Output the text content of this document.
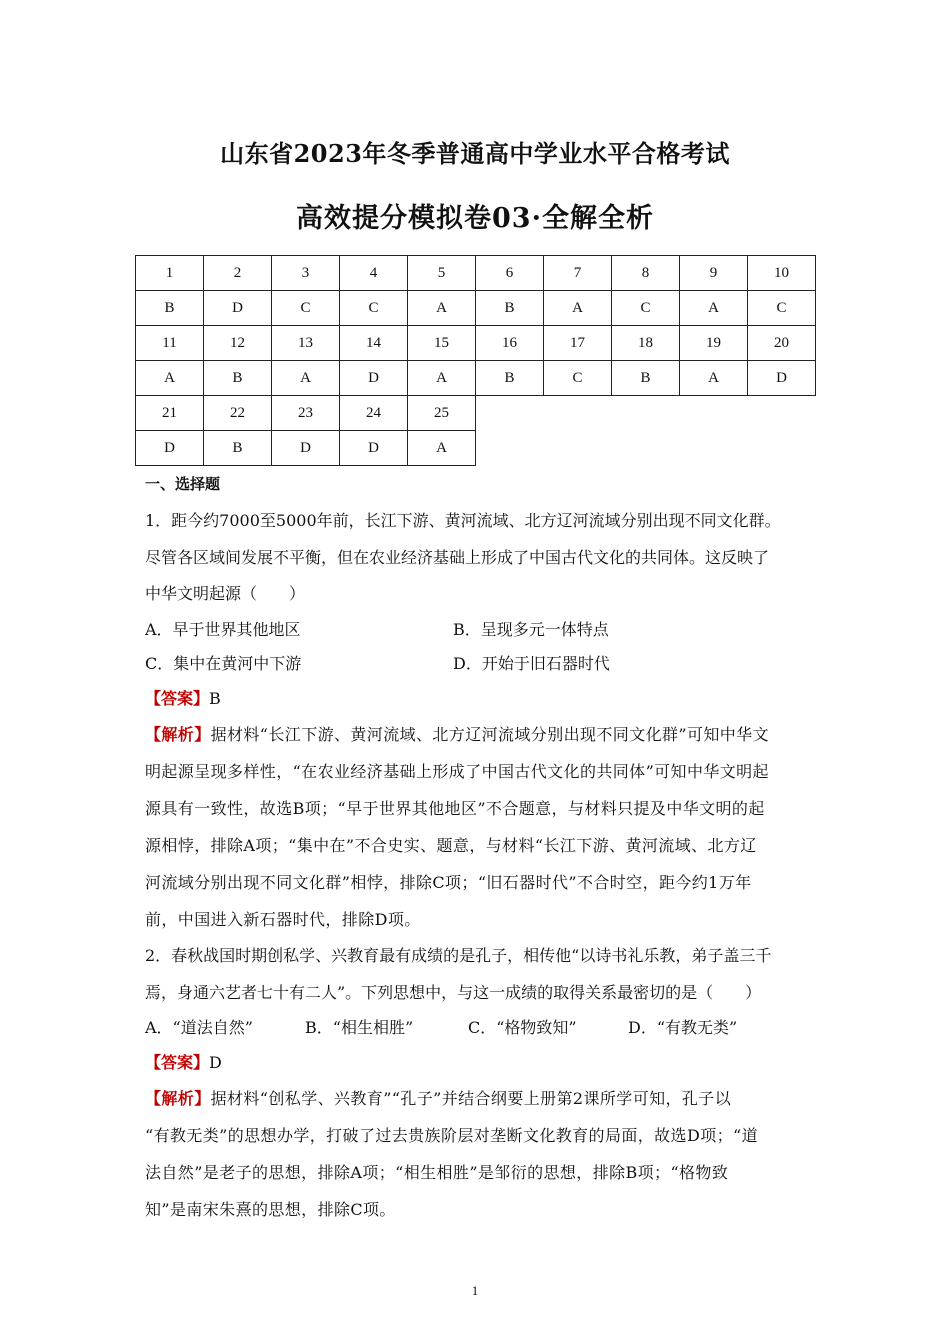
山东省2023年冬季普通高中学业水平合格考试
高效提分模拟卷03·全解全析
1	2	3	4	5	6	7	8	9	10
B	D	C	C	A	B	A	C	A	C
11	12	13	14	15	16	17	18	19	20
A	B	A	D	A	B	C	B	A	D
21	22	23	24	25					
D	B	D	D	A					
一、选择题
1．距今约7000至5000年前，长江下游、黄河流域、北方辽河流域分别出现不同文化群。
尽管各区域间发展不平衡，但在农业经济基础上形成了中国古代文化的共同体。这反映了
中华文明起源（　　）
A．早于世界其他地区	B．呈现多元一体特点
C．集中在黄河中下游	D．开始于旧石器时代
【答案】B
【解析】据材料“长江下游、黄河流域、北方辽河流域分别出现不同文化群”可知中华文
明起源呈现多样性，“在农业经济基础上形成了中国古代文化的共同体”可知中华文明起
源具有一致性，故选B项；“早于世界其他地区”不合题意，与材料只提及中华文明的起
源相悖，排除A项；“集中在”不合史实、题意，与材料“长江下游、黄河流域、北方辽
河流域分别出现不同文化群”相悖，排除C项；“旧石器时代”不合时空，距今约1万年
前，中国进入新石器时代，排除D项。
2．春秋战国时期创私学、兴教育最有成绩的是孔子，相传他“以诗书礼乐教，弟子盖三千
焉，身通六艺者七十有二人”。下列思想中，与这一成绩的取得关系最密切的是（　　）
A．“道法自然”	B．“相生相胜”	C．“格物致知”	D．“有教无类”
【答案】D
【解析】据材料“创私学、兴教育”“孔子”并结合纲要上册第2课所学可知，孔子以
“有教无类”的思想办学，打破了过去贵族阶层对垄断文化教育的局面，故选D项；“道
法自然”是老子的思想，排除A项；“相生相胜”是邹衍的思想，排除B项；“格物致
知”是南宋朱熹的思想，排除C项。
1
